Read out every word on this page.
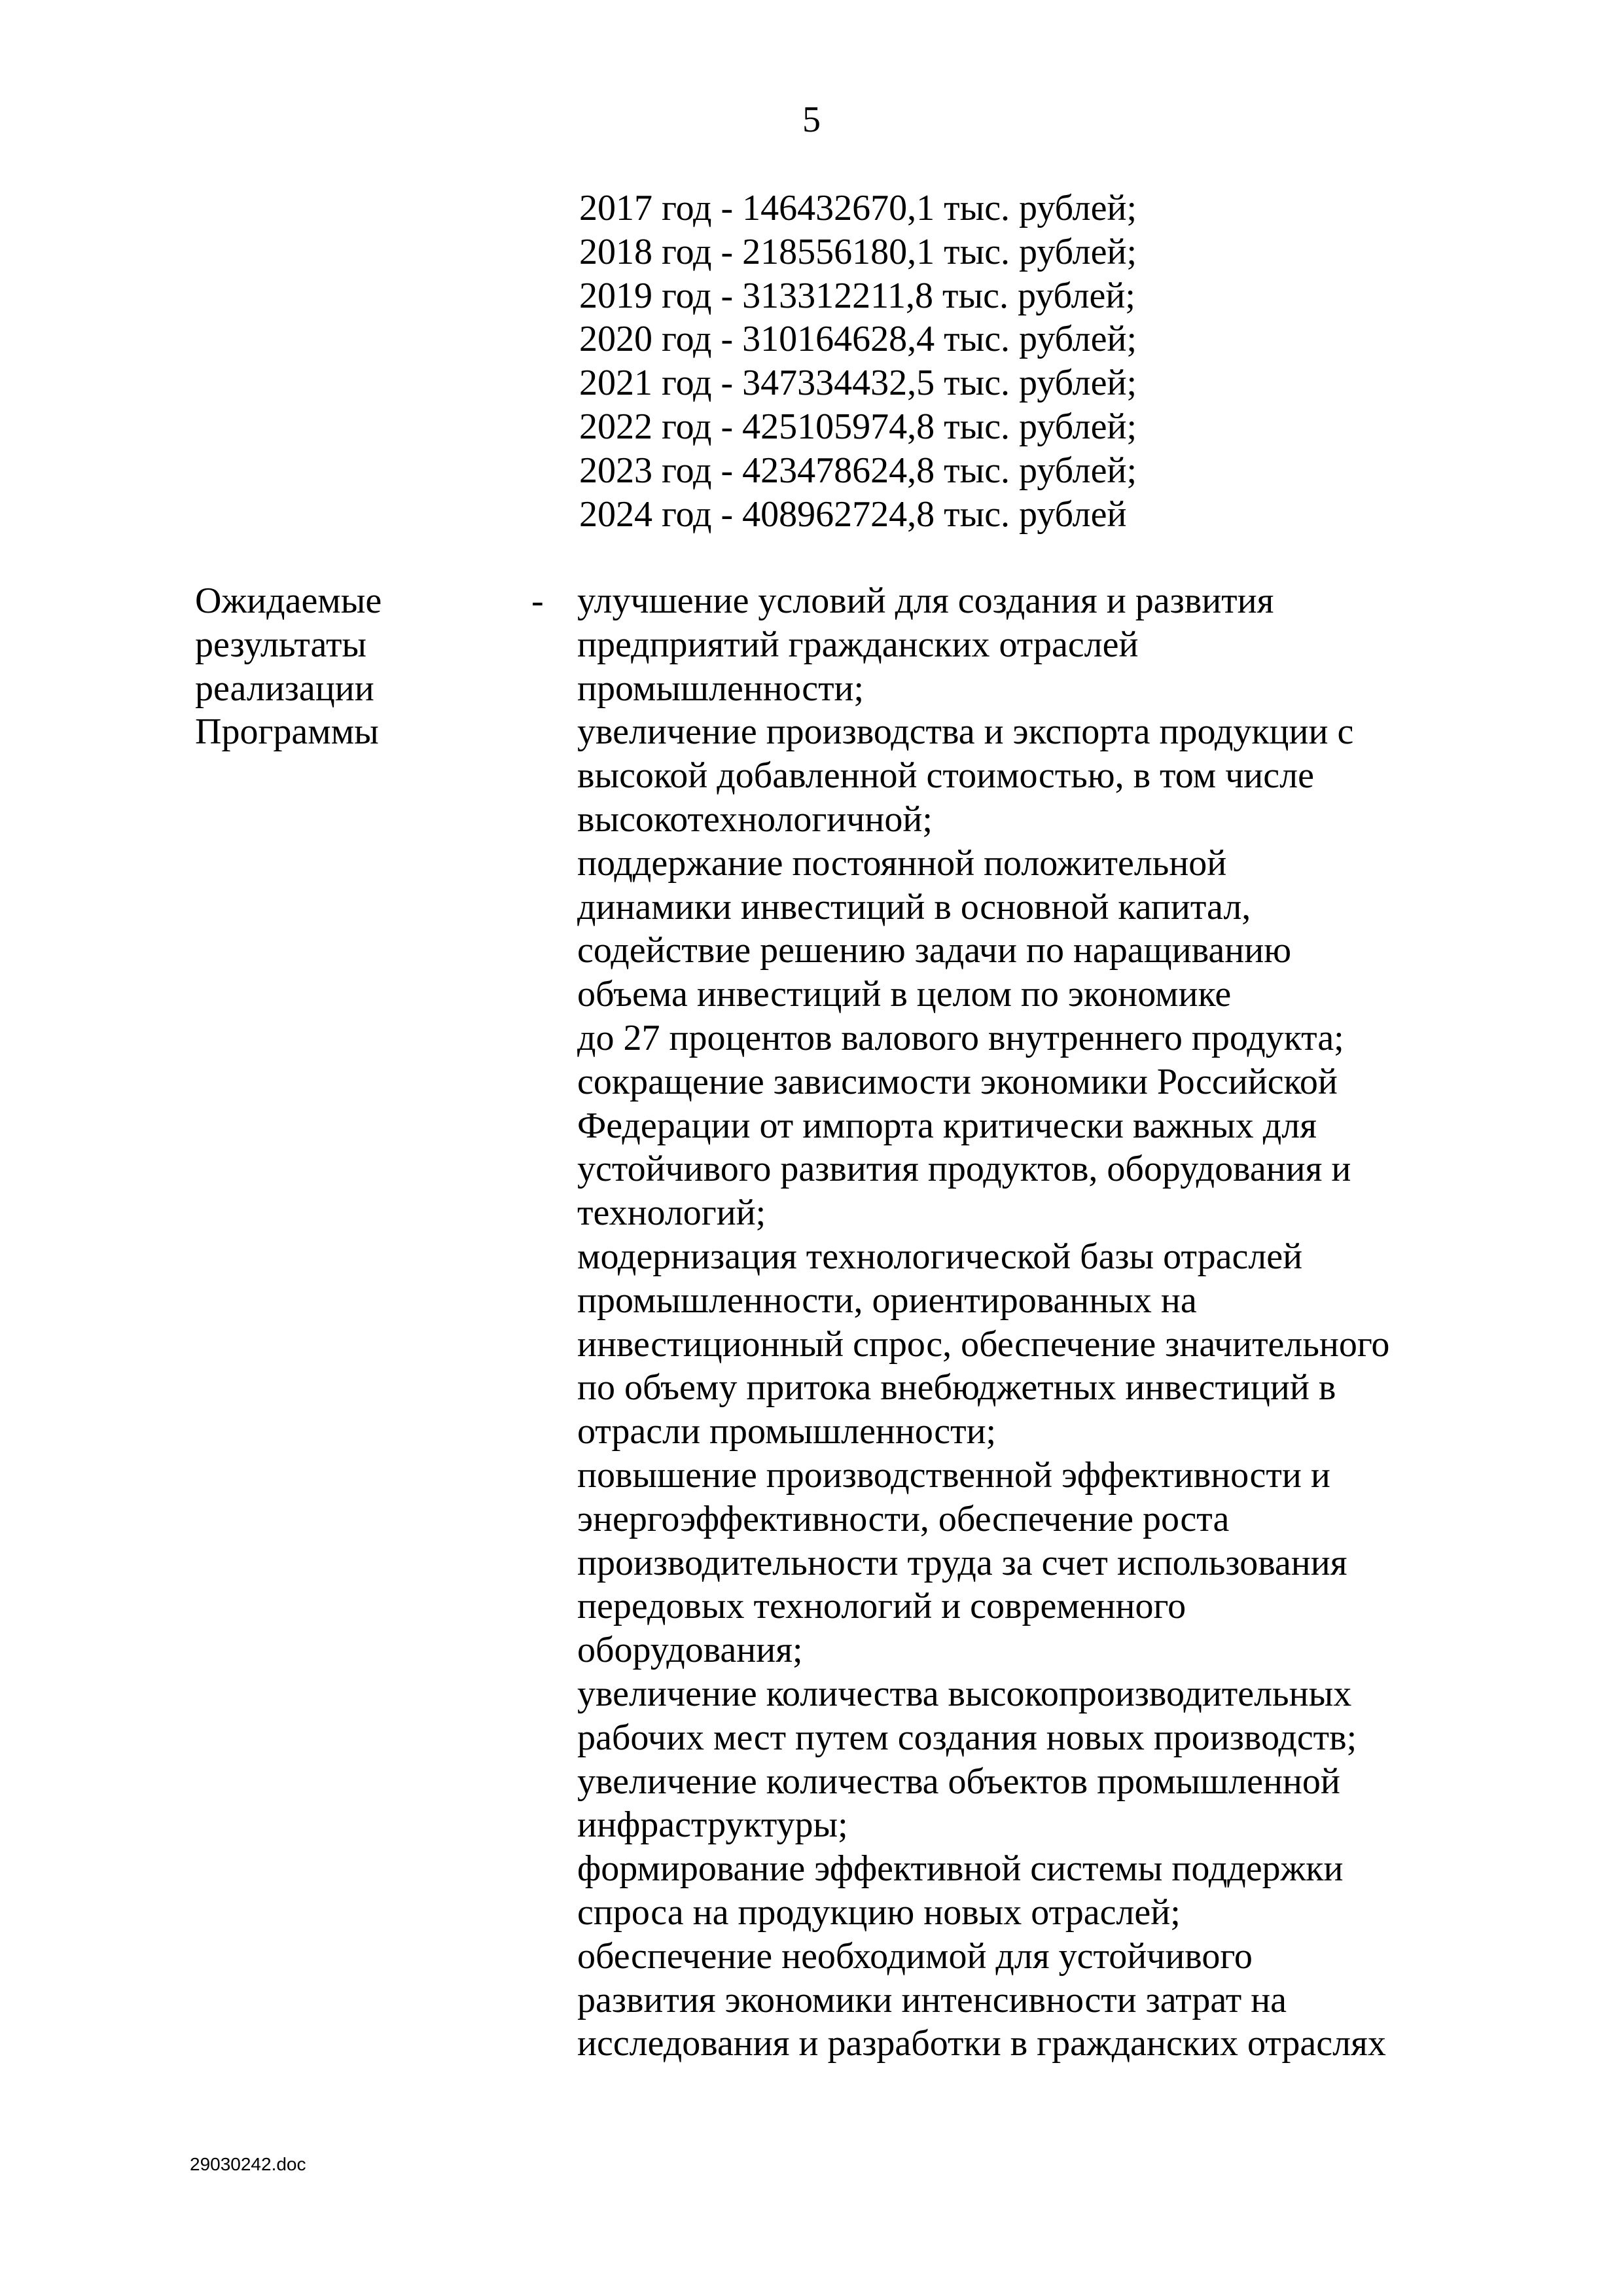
5
2017 год - 146432670,1 тыс. рублей;
2018 год - 218556180,1 тыс. рублей;
2019 год - 313312211,8 тыс. рублей;
2020 год - 310164628,4 тыс. рублей;
2021 год - 347334432,5 тыс. рублей;
2022 год - 425105974,8 тыс. рублей;
2023 год - 423478624,8 тыс. рублей;
2024 год - 408962724,8 тыс. рублей
Ожидаемые
результаты
реализации
Программы
- улучшение условий для создания и развития
предприятий гражданских отраслей
промышленности;
увеличение производства и экспорта продукции с
высокой добавленной стоимостью, в том числе
высокотехнологичной;
поддержание постоянной положительной
динамики инвестиций в основной капитал,
содействие решению задачи по наращиванию
объема инвестиций в целом по экономике
до 27 процентов валового внутреннего продукта;
сокращение зависимости экономики Российской
Федерации от импорта критически важных для
устойчивого развития продуктов, оборудования и
технологий;
модернизация технологической базы отраслей
промышленности, ориентированных на
инвестиционный спрос, обеспечение значительного
по объему притока внебюджетных инвестиций в
отрасли промышленности;
повышение производственной эффективности и
энергоэффективности, обеспечение роста
производительности труда за счет использования
передовых технологий и современного
оборудования;
увеличение количества высокопроизводительных
рабочих мест путем создания новых производств;
увеличение количества объектов промышленной
инфраструктуры;
формирование эффективной системы поддержки
спроса на продукцию новых отраслей;
обеспечение необходимой для устойчивого
развития экономики интенсивности затрат на
исследования и разработки в гражданских отраслях
29030242.doc
